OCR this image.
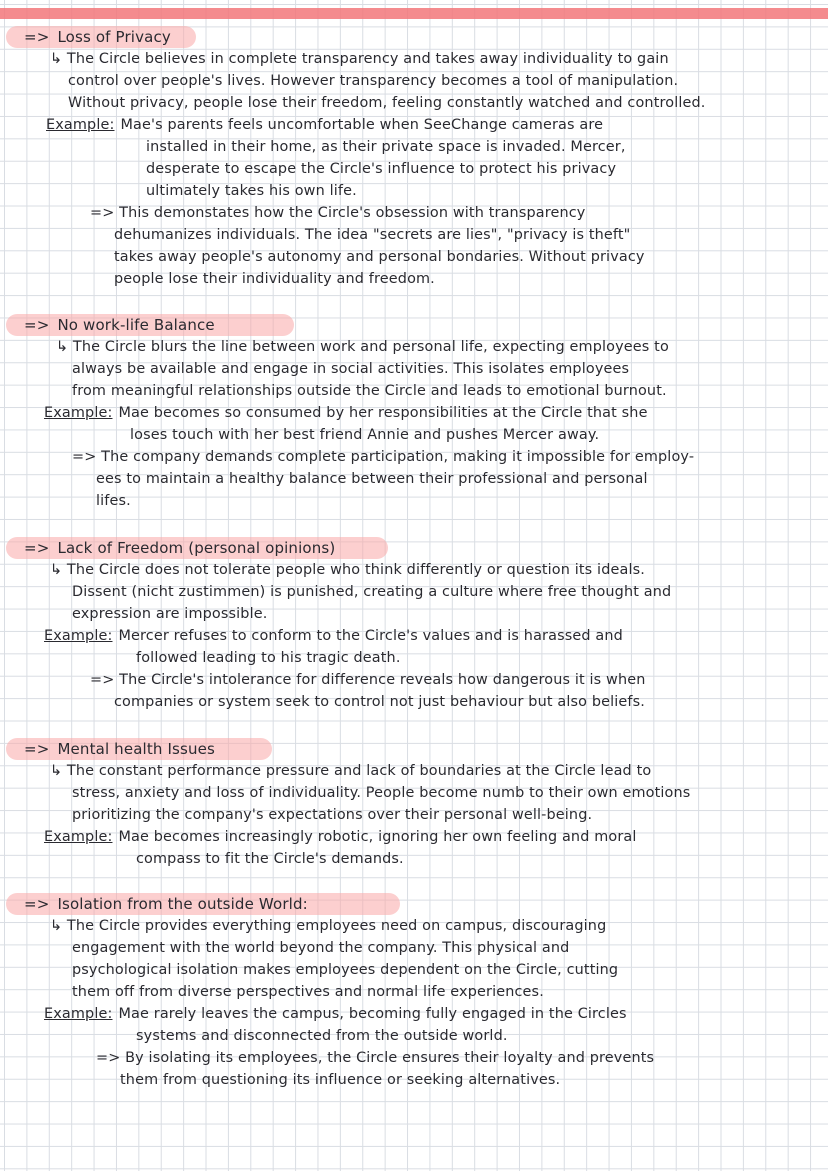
=> Loss of Privacy
↳ The Circle believes in complete transparency and takes away individuality to gain
control over people's lives. However transparency becomes a tool of manipulation.
Without privacy, people lose their freedom, feeling constantly watched and controlled.
Example: Mae's parents feels uncomfortable when SeeChange cameras are
installed in their home, as their private space is invaded. Mercer,
desperate to escape the Circle's influence to protect his privacy
ultimately takes his own life.
=> This demonstates how the Circle's obsession with transparency
dehumanizes individuals. The idea "secrets are lies", "privacy is theft"
takes away people's autonomy and personal bondaries. Without privacy
people lose their individuality and freedom.
=> No work-life Balance
↳ The Circle blurs the line between work and personal life, expecting employees to
always be available and engage in social activities. This isolates employees
from meaningful relationships outside the Circle and leads to emotional burnout.
Example: Mae becomes so consumed by her responsibilities at the Circle that she
loses touch with her best friend Annie and pushes Mercer away.
=> The company demands complete participation, making it impossible for employ-
ees to maintain a healthy balance between their professional and personal
lifes.
=> Lack of Freedom (personal opinions)
↳ The Circle does not tolerate people who think differently or question its ideals.
Dissent (nicht zustimmen) is punished, creating a culture where free thought and
expression are impossible.
Example: Mercer refuses to conform to the Circle's values and is harassed and
followed leading to his tragic death.
=> The Circle's intolerance for difference reveals how dangerous it is when
companies or system seek to control not just behaviour but also beliefs.
=> Mental health Issues
↳ The constant performance pressure and lack of boundaries at the Circle lead to
stress, anxiety and loss of individuality. People become numb to their own emotions
prioritizing the company's expectations over their personal well-being.
Example: Mae becomes increasingly robotic, ignoring her own feeling and moral
compass to fit the Circle's demands.
=> Isolation from the outside World:
↳ The Circle provides everything employees need on campus, discouraging
engagement with the world beyond the company. This physical and
psychological isolation makes employees dependent on the Circle, cutting
them off from diverse perspectives and normal life experiences.
Example: Mae rarely leaves the campus, becoming fully engaged in the Circles
systems and disconnected from the outside world.
=> By isolating its employees, the Circle ensures their loyalty and prevents
them from questioning its influence or seeking alternatives.
